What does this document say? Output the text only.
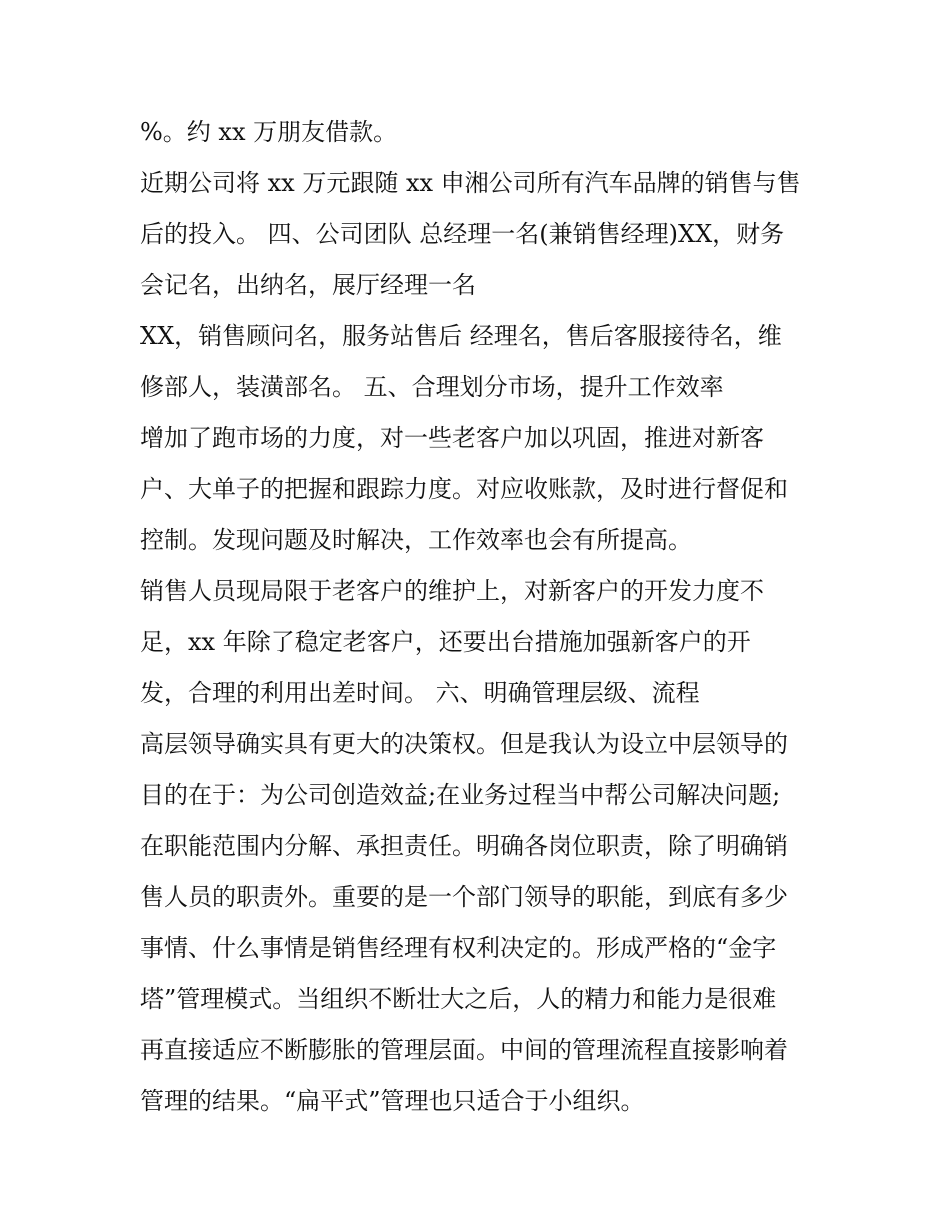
%。约 xx 万朋友借款。
近期公司将 xx 万元跟随 xx 申湘公司所有汽车品牌的销售与售
后的投入。 四、公司团队 总经理一名(兼销售经理)XX，财务
会记名，出纳名，展厅经理一名
XX，销售顾问名，服务站售后 经理名，售后客服接待名，维
修部人，装潢部名。 五、合理划分市场，提升工作效率
增加了跑市场的力度，对一些老客户加以巩固，推进对新客
户、大单子的把握和跟踪力度。对应收账款，及时进行督促和
控制。发现问题及时解决，工作效率也会有所提高。
销售人员现局限于老客户的维护上，对新客户的开发力度不
足，xx 年除了稳定老客户，还要出台措施加强新客户的开
发，合理的利用出差时间。 六、明确管理层级、流程
高层领导确实具有更大的决策权。但是我认为设立中层领导的
目的在于：为公司创造效益;在业务过程当中帮公司解决问题;
在职能范围内分解、承担责任。明确各岗位职责，除了明确销
售人员的职责外。重要的是一个部门领导的职能，到底有多少
事情、什么事情是销售经理有权利决定的。形成严格的“金字
塔”管理模式。当组织不断壮大之后，人的精力和能力是很难
再直接适应不断膨胀的管理层面。中间的管理流程直接影响着
管理的结果。“扁平式”管理也只适合于小组织。
